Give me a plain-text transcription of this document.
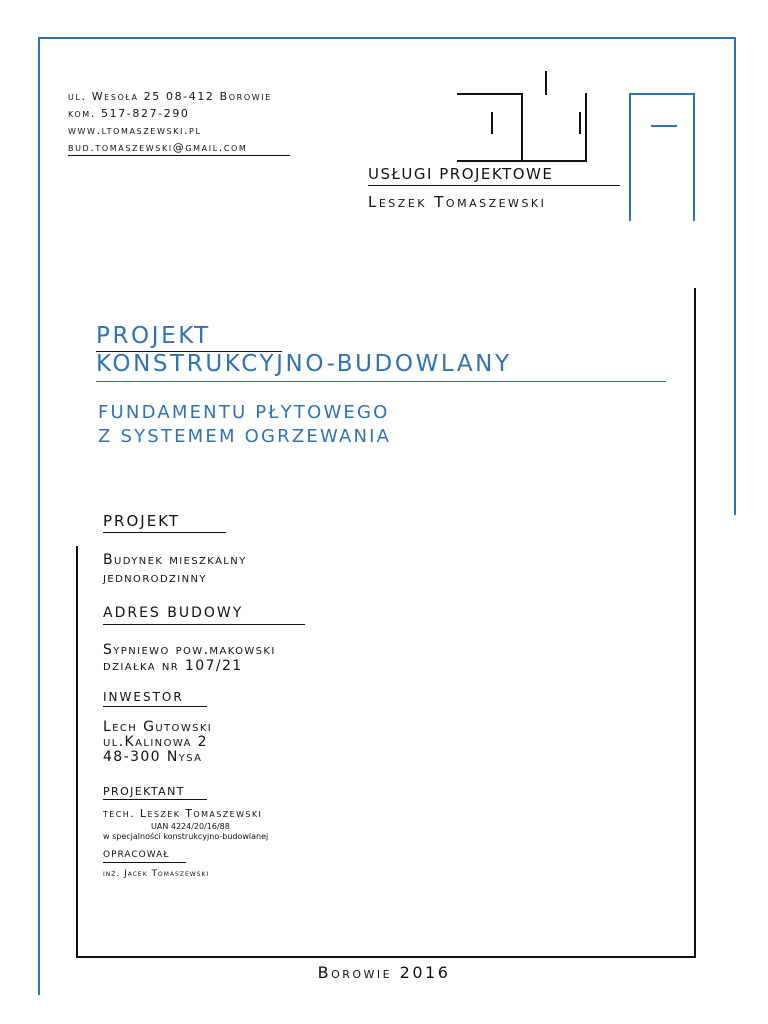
ul. Wesoła 25 08-412 Borowie
kom. 517-827-290
www.ltomaszewski.pl
bud.tomaszewski@gmail.com
USŁUGI PROJEKTOWE
Leszek Tomaszewski
PROJEKT
KONSTRUKCYJNO-BUDOWLANY
FUNDAMENTU PŁYTOWEGO
Z SYSTEMEM OGRZEWANIA
PROJEKT
Budynek mieszkalny
jednorodzinny
ADRES BUDOWY
Sypniewo pow.makowski
działka nr 107/21
INWESTOR
Lech Gutowski
ul.Kalinowa 2
48-300 Nysa
PROJEKTANT
tech. Leszek Tomaszewski
UAN 4224/20/16/88
w specjalności konstrukcyjno-budowlanej
OPRACOWAŁ
inż. Jacek Tomaszewski
Borowie 2016
